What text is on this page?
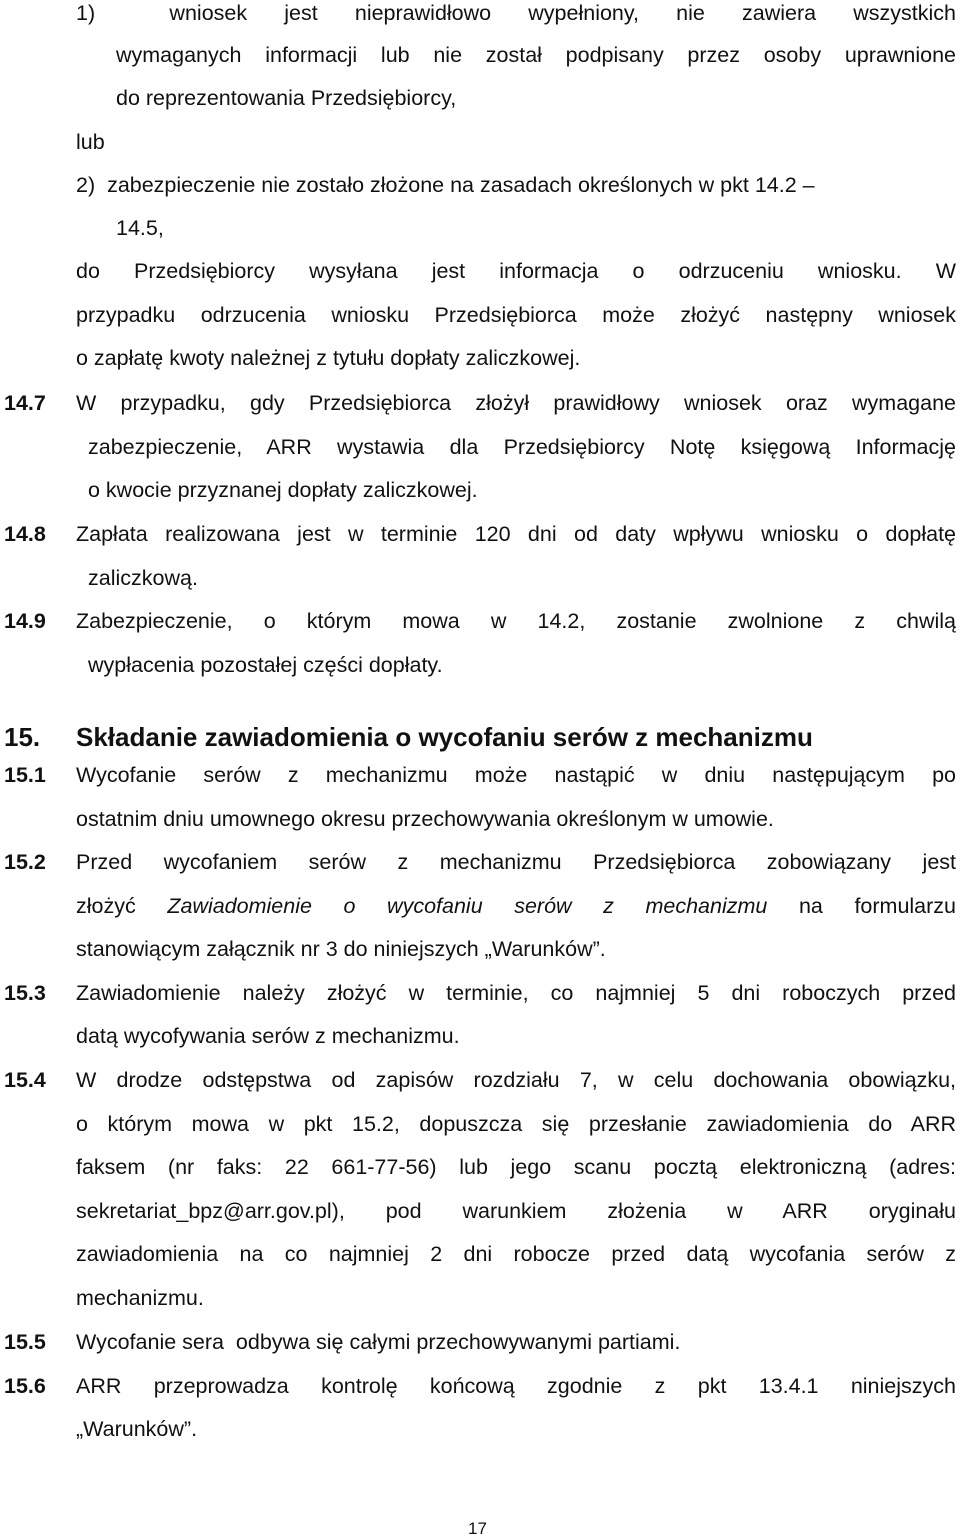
1)  wniosek jest nieprawidłowo wypełniony, nie zawiera wszystkich
wymaganych informacji lub nie został podpisany przez osoby uprawnione
do reprezentowania Przedsiębiorcy,
lub
2)  zabezpieczenie nie zostało złożone na zasadach określonych w pkt 14.2 –
14.5,
do Przedsiębiorcy wysyłana jest informacja o odrzuceniu wniosku. W
przypadku odrzucenia wniosku Przedsiębiorca może złożyć następny wniosek
o zapłatę kwoty należnej z tytułu dopłaty zaliczkowej.
14.7 W przypadku, gdy Przedsiębiorca złożył prawidłowy wniosek oraz wymagane
zabezpieczenie, ARR wystawia dla Przedsiębiorcy Notę księgową Informację
o kwocie przyznanej dopłaty zaliczkowej.
14.8 Zapłata realizowana jest w terminie 120 dni od daty wpływu wniosku o dopłatę
zaliczkową.
14.9 Zabezpieczenie, o którym mowa w 14.2, zostanie zwolnione z chwilą
wypłacenia pozostałej części dopłaty.
15. Składanie zawiadomienia o wycofaniu serów z mechanizmu
15.1 Wycofanie serów z mechanizmu może nastąpić w dniu następującym po
ostatnim dniu umownego okresu przechowywania określonym w umowie.
15.2 Przed wycofaniem serów z mechanizmu Przedsiębiorca zobowiązany jest
złożyć Zawiadomienie o wycofaniu serów z mechanizmu na formularzu
stanowiącym załącznik nr 3 do niniejszych „Warunków”.
15.3 Zawiadomienie należy złożyć w terminie, co najmniej 5 dni roboczych przed
datą wycofywania serów z mechanizmu.
15.4 W drodze odstępstwa od zapisów rozdziału 7, w celu dochowania obowiązku,
o którym mowa w pkt 15.2, dopuszcza się przesłanie zawiadomienia do ARR
faksem (nr faks: 22 661-77-56) lub jego scanu pocztą elektroniczną (adres:
sekretariat_bpz@arr.gov.pl), pod warunkiem złożenia w ARR oryginału
zawiadomienia na co najmniej 2 dni robocze przed datą wycofania serów z
mechanizmu.
15.5 Wycofanie sera  odbywa się całymi przechowywanymi partiami.
15.6 ARR przeprowadza kontrolę końcową zgodnie z pkt 13.4.1 niniejszych
„Warunków”.
17
